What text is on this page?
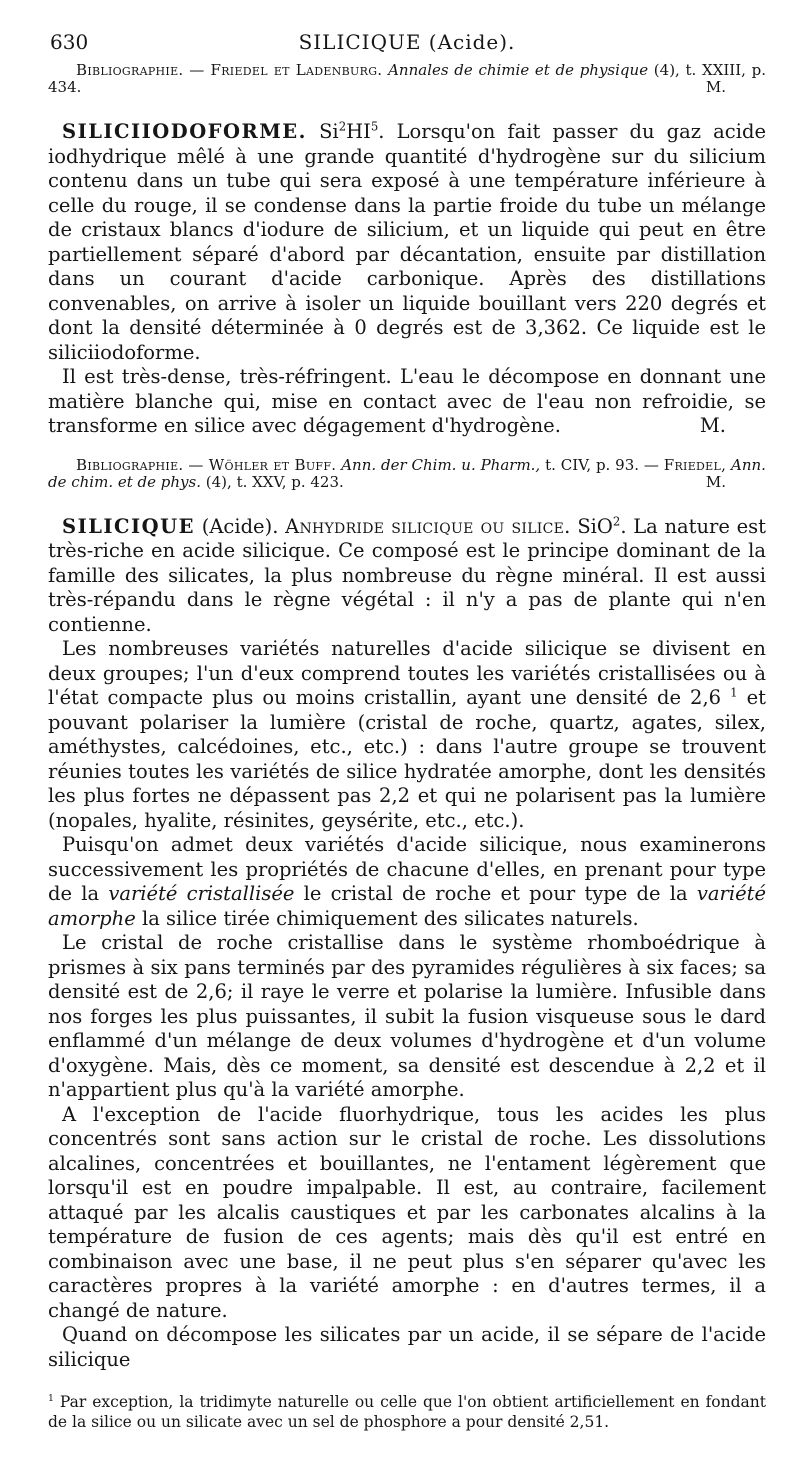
630	SILICIQUE (Acide).

Bibliographie. — Friedel et Ladenburg. Annales de chimie et de physique (4), t. XXIII, p. 434.	M.

SILICIIODOFORME. $Si^2HI^5$. Lorsqu'on fait passer du gaz acide iodhydrique mêlé à une grande quantité d'hydrogène sur du silicium contenu dans un tube qui sera exposé à une température inférieure à celle du rouge, il se condense dans la partie froide du tube un mélange de cristaux blancs d'iodure de silicium, et un liquide qui peut en être partiellement séparé d'abord par décantation, ensuite par distillation dans un courant d'acide carbonique. Après des distillations convenables, on arrive à isoler un liquide bouillant vers 220 degrés et dont la densité déterminée à 0 degrés est de 3,362. Ce liquide est le siliciiodoforme.

Il est très-dense, très-réfringent. L'eau le décompose en donnant une matière blanche qui, mise en contact avec de l'eau non refroidie, se transforme en silice avec dégagement d'hydrogène.	M.

Bibliographie. — Wöhler et Buff. Ann. der Chim. u. Pharm., t. CIV, p. 93. — Friedel, Ann. de chim. et de phys. (4), t. XXV, p. 423.	M.

SILICIQUE (Acide). Anhydride silicique ou silice. SiO$^2$. La nature est très-riche en acide silicique. Ce composé est le principe dominant de la famille des silicates, la plus nombreuse du règne minéral. Il est aussi très-répandu dans le règne végétal : il n'y a pas de plante qui n'en contienne.

Les nombreuses variétés naturelles d'acide silicique se divisent en deux groupes; l'un d'eux comprend toutes les variétés cristallisées ou à l'état compacte plus ou moins cristallin, ayant une densité de 2,6 $^1$ et pouvant polariser la lumière (cristal de roche, quartz, agates, silex, améthystes, calcédoines, etc., etc.) : dans l'autre groupe se trouvent réunies toutes les variétés de silice hydratée amorphe, dont les densités les plus fortes ne dépassent pas 2,2 et qui ne polarisent pas la lumière (nopales, hyalite, résinites, geysérite, etc., etc.).

Puisqu'on admet deux variétés d'acide silicique, nous examinerons successivement les propriétés de chacune d'elles, en prenant pour type de la variété cristallisée le cristal de roche et pour type de la variété amorphe la silice tirée chimiquement des silicates naturels.

Le cristal de roche cristallise dans le système rhomboédrique à prismes à six pans terminés par des pyramides régulières à six faces; sa densité est de 2,6; il raye le verre et polarise la lumière. Infusible dans nos forges les plus puissantes, il subit la fusion visqueuse sous le dard enflammé d'un mélange de deux volumes d'hydrogène et d'un volume d'oxygène. Mais, dès ce moment, sa densité est descendue à 2,2 et il n'appartient plus qu'à la variété amorphe.

A l'exception de l'acide fluorhydrique, tous les acides les plus concentrés sont sans action sur le cristal de roche. Les dissolutions alcalines, concentrées et bouillantes, ne l'entament légèrement que lorsqu'il est en poudre impalpable. Il est, au contraire, facilement attaqué par les alcalis caustiques et par les carbonates alcalins à la température de fusion de ces agents; mais dès qu'il est entré en combinaison avec une base, il ne peut plus s'en séparer qu'avec les caractères propres à la variété amorphe : en d'autres termes, il a changé de nature.

Quand on décompose les silicates par un acide, il se sépare de l'acide silicique

$^1$ Par exception, la tridimyte naturelle ou celle que l'on obtient artificiellement en fondant de la silice ou un silicate avec un sel de phosphore a pour densité 2,51.
